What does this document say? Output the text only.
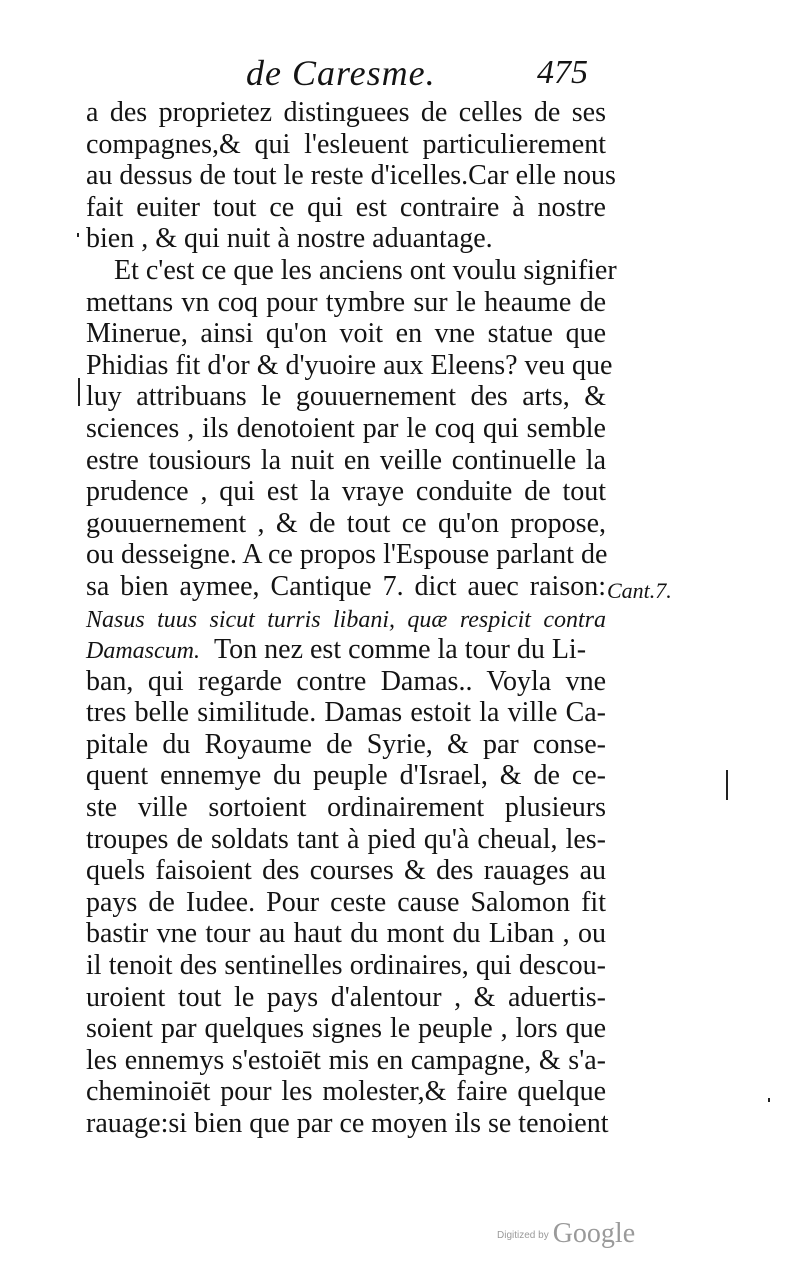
de Caresme.	475
a des proprietez distinguees de celles de ses
compagnes,& qui l'esleuent particulierement
au dessus de tout le reste d'icelles.Car elle nous
fait euiter tout ce qui est contraire à nostre
bien , & qui nuit à nostre aduantage.
Et c'est ce que les anciens ont voulu signifier
mettans vn coq pour tymbre sur le heaume de
Minerue, ainsi qu'on voit en vne statue que
Phidias fit d'or & d'yuoire aux Eleens? veu que
luy attribuans le gouuernement des arts, &
sciences , ils denotoient par le coq qui semble
estre tousiours la nuit en veille continuelle la
prudence , qui est la vraye conduite de tout
gouuernement , & de tout ce qu'on propose,
ou desseigne. A ce propos l'Espouse parlant de
sa bien aymee, Cantique 7. dict auec raison:
Nasus tuus sicut turris libani, quæ respicit contra
Damascum. Ton nez est comme la tour du Li-
ban, qui regarde contre Damas.. Voyla vne
tres belle similitude. Damas estoit la ville Ca-
pitale du Royaume de Syrie, & par conse-
quent ennemye du peuple d'Israel, & de ce-
ste ville sortoient ordinairement plusieurs
troupes de soldats tant à pied qu'à cheual, les-
quels faisoient des courses & des rauages au
pays de Iudee. Pour ceste cause Salomon fit
bastir vne tour au haut du mont du Liban , ou
il tenoit des sentinelles ordinaires, qui descou-
uroient tout le pays d'alentour , & aduertis-
soient par quelques signes le peuple , lors que
les ennemys s'estoiēt mis en campagne, & s'a-
cheminoiēt pour les molester,& faire quelque
rauage:si bien que par ce moyen ils se tenoient
Cant.7.
$^{Digitized by}$ Google
